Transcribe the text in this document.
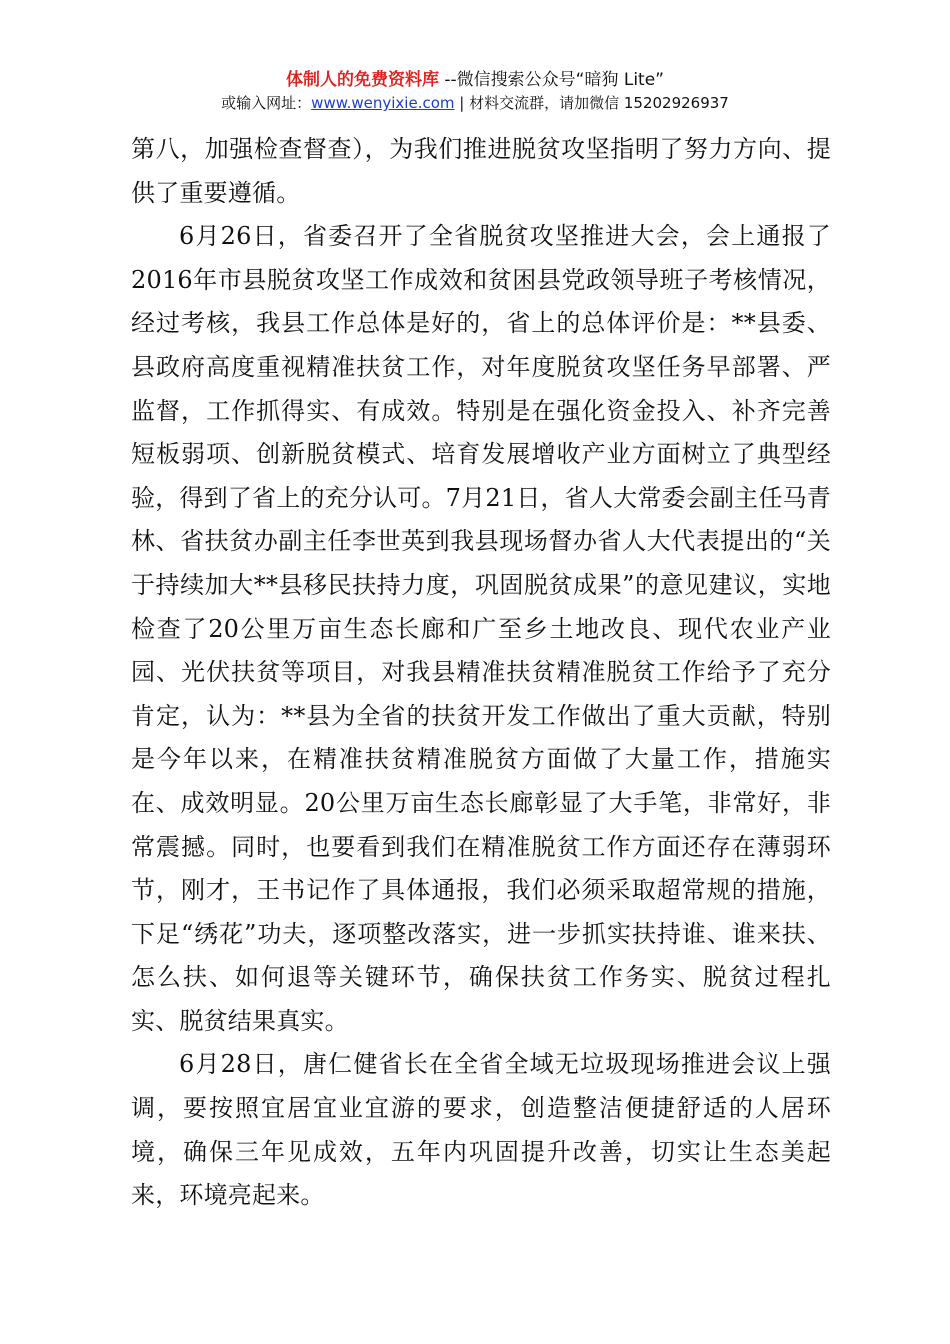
体制人的免费资料库 --微信搜索公众号“暗狗 Lite”
或输入网址：www.wenyixie.com | 材料交流群，请加微信 15202926937

第八，加强检查督查），为我们推进脱贫攻坚指明了努力方向、提供了重要遵循。

6月26日，省委召开了全省脱贫攻坚推进大会，会上通报了2016年市县脱贫攻坚工作成效和贫困县党政领导班子考核情况，经过考核，我县工作总体是好的，省上的总体评价是：**县委、县政府高度重视精准扶贫工作，对年度脱贫攻坚任务早部署、严监督，工作抓得实、有成效。特别是在强化资金投入、补齐完善短板弱项、创新脱贫模式、培育发展增收产业方面树立了典型经验，得到了省上的充分认可。7月21日，省人大常委会副主任马青林、省扶贫办副主任李世英到我县现场督办省人大代表提出的“关于持续加大**县移民扶持力度，巩固脱贫成果”的意见建议，实地检查了20公里万亩生态长廊和广至乡土地改良、现代农业产业园、光伏扶贫等项目，对我县精准扶贫精准脱贫工作给予了充分肯定，认为：**县为全省的扶贫开发工作做出了重大贡献，特别是今年以来，在精准扶贫精准脱贫方面做了大量工作，措施实在、成效明显。20公里万亩生态长廊彰显了大手笔，非常好，非常震撼。同时，也要看到我们在精准脱贫工作方面还存在薄弱环节，刚才，王书记作了具体通报，我们必须采取超常规的措施，下足“绣花”功夫，逐项整改落实，进一步抓实扶持谁、谁来扶、怎么扶、如何退等关键环节，确保扶贫工作务实、脱贫过程扎实、脱贫结果真实。

6月28日，唐仁健省长在全省全域无垃圾现场推进会议上强调，要按照宜居宜业宜游的要求，创造整洁便捷舒适的人居环境，确保三年见成效，五年内巩固提升改善，切实让生态美起来，环境亮起来。
